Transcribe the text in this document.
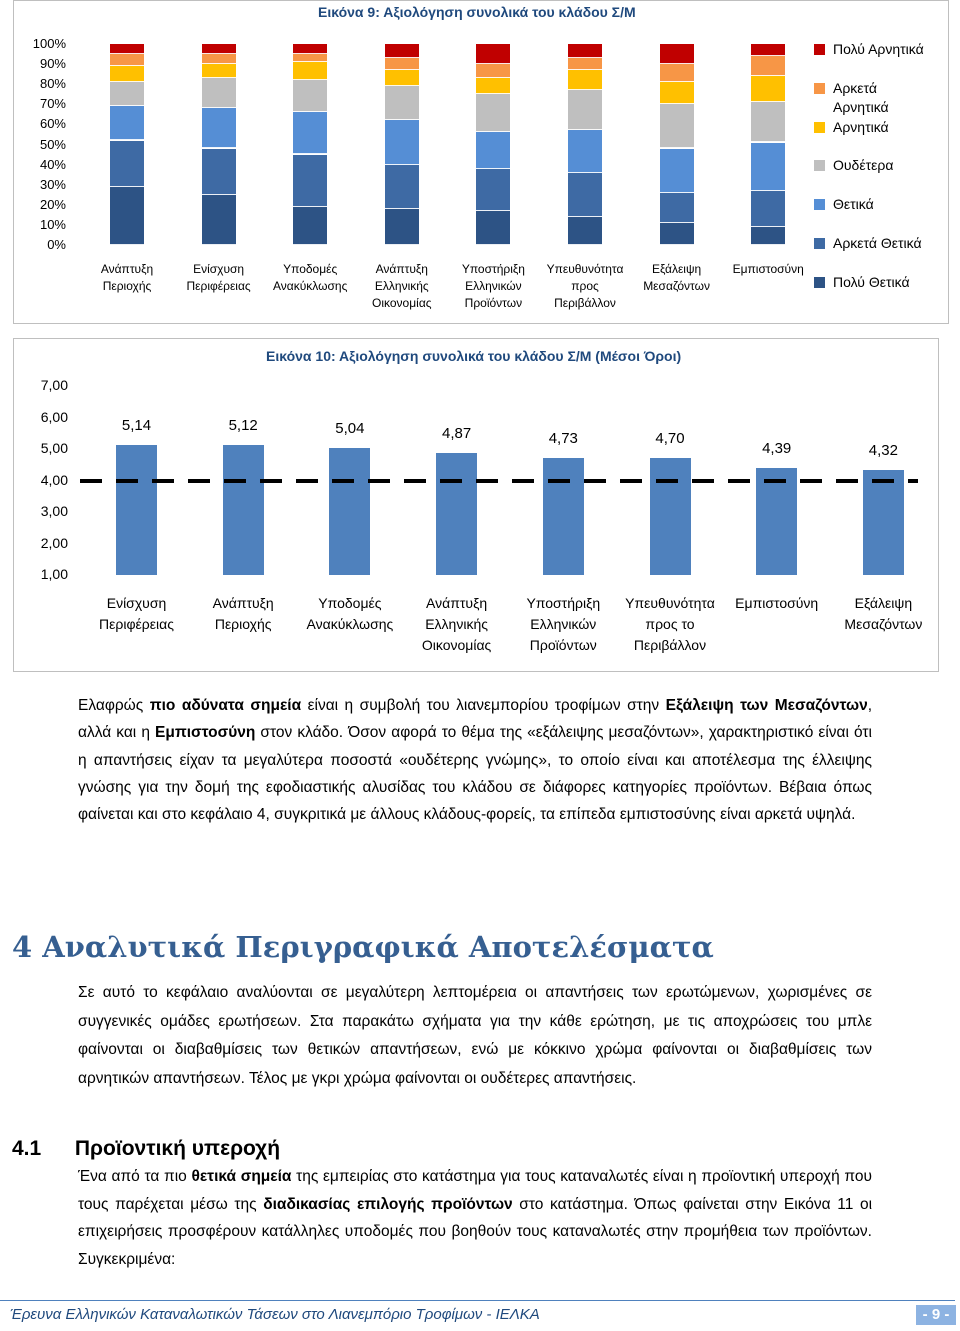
Εικόνα 9: Αξιολόγηση συνολικά του κλάδου Σ/Μ
100%
90%
80%
70%
60%
50%
40%
30%
20%
10%
0%
Ανάπτυξη
Περιοχής
Ενίσχυση
Περιφέρειας
Υποδομές
Ανακύκλωσης
Ανάπτυξη
Ελληνικής
Οικονομίας
Υποστήριξη
Ελληνικών
Προϊόντων
Υπευθυνότητα
προς
Περιβάλλον
Εξάλειψη
Μεσαζόντων
Εμπιστοσύνη
Πολύ Αρνητικά
Αρκετά Αρνητικά
Αρνητικά
Ουδέτερα
Θετικά
Αρκετά Θετικά
Πολύ Θετικά
Εικόνα 10: Αξιολόγηση συνολικά του κλάδου Σ/Μ (Μέσοι Όροι)
7,00
6,00
5,00
4,00
3,00
2,00
1,00
5,14	5,12	5,04	4,87	4,73	4,70
4,39	4,32
Ενίσχυση
Περιφέρειας
Ανάπτυξη
Περιοχής
Υποδομές
Ανακύκλωσης
Ανάπτυξη
Ελληνικής
Οικονομίας
Υποστήριξη
Ελληνικών
Προϊόντων
Υπευθυνότητα
προς το
Περιβάλλον
Εμπιστοσύνη	Εξάλειψη
Μεσαζόντων

Ελαφρώς πιο αδύνατα σημεία είναι η συμβολή του λιανεμπορίου τροφίμων στην Εξάλειψη των Μεσαζόντων, αλλά και η Εμπιστοσύνη στον κλάδο. Όσον αφορά το θέμα της «εξάλειψης μεσαζόντων», χαρακτηριστικό είναι ότι η απαντήσεις είχαν τα μεγαλύτερα ποσοστά «ουδέτερης γνώμης», το οποίο είναι και αποτέλεσμα της έλλειψης γνώσης για την δομή της εφοδιαστικής αλυσίδας του κλάδου σε διάφορες κατηγορίες προϊόντων. Βέβαια όπως φαίνεται και στο κεφάλαιο 4, συγκριτικά με άλλους κλάδους-φορείς, τα επίπεδα εμπιστοσύνης είναι αρκετά υψηλά.

4 Αναλυτικά Περιγραφικά Αποτελέσματα

Σε αυτό το κεφάλαιο αναλύονται σε μεγαλύτερη λεπτομέρεια οι απαντήσεις των ερωτώμενων, χωρισμένες σε συγγενικές ομάδες ερωτήσεων. Στα παρακάτω σχήματα για την κάθε ερώτηση, με τις αποχρώσεις του μπλε φαίνονται οι διαβαθμίσεις των θετικών απαντήσεων, ενώ με κόκκινο χρώμα φαίνονται οι διαβαθμίσεις των αρνητικών απαντήσεων. Τέλος με γκρι χρώμα φαίνονται οι ουδέτερες απαντήσεις.

4.1 Προϊοντική υπεροχή

Ένα από τα πιο θετικά σημεία της εμπειρίας στο κατάστημα για τους καταναλωτές είναι η προϊοντική υπεροχή που τους παρέχεται μέσω της διαδικασίας επιλογής προϊόντων στο κατάστημα. Όπως φαίνεται στην Εικόνα 11 οι επιχειρήσεις προσφέρουν κατάλληλες υποδομές που βοηθούν τους καταναλωτές στην προμήθεια των προϊόντων. Συγκεκριμένα:

Έρευνα Ελληνικών Καταναλωτικών Τάσεων στο Λιανεμπόριο Τροφίμων - ΙΕΛΚΑ	- 9 -
